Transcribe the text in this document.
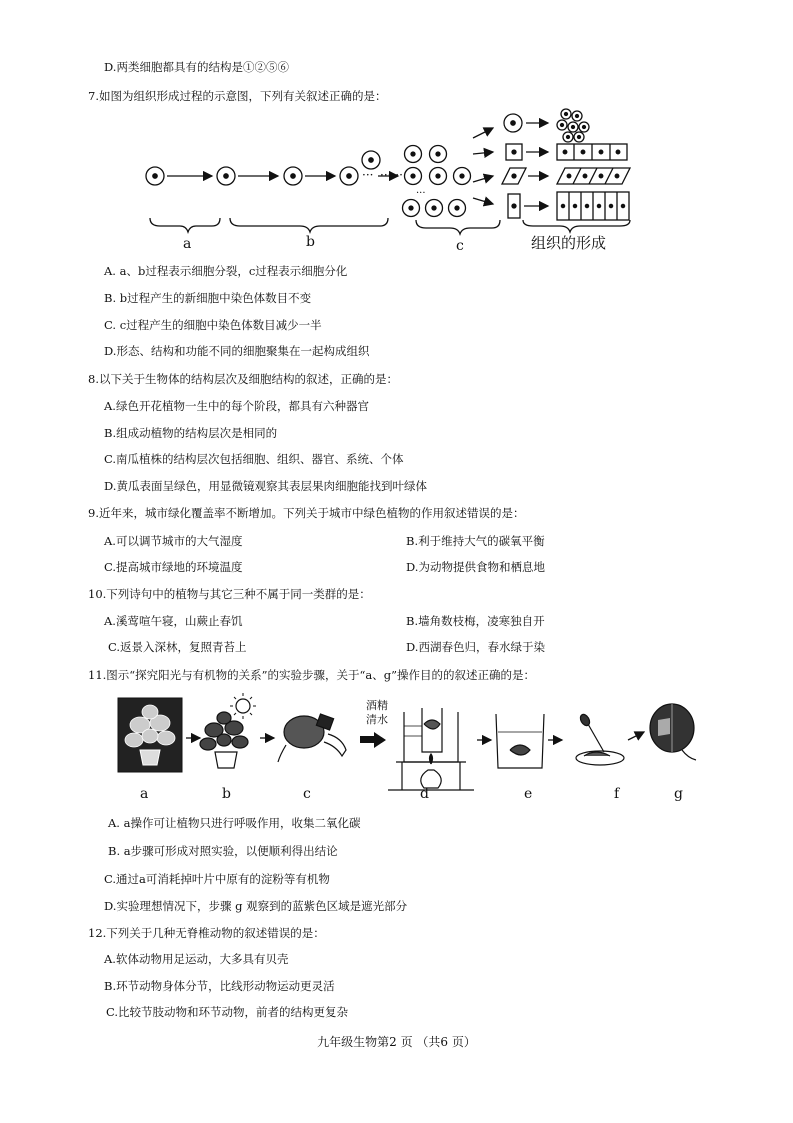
D.两类细胞都具有的结构是①②⑤⑥
7.如图为组织形成过程的示意图，下列有关叙述正确的是：
··· ······
···
a	b	c	组织的形成
A. a、b过程表示细胞分裂，c过程表示细胞分化
B. b过程产生的新细胞中染色体数目不变
C. c过程产生的细胞中染色体数目减少一半
D.形态、结构和功能不同的细胞聚集在一起构成组织
8.以下关于生物体的结构层次及细胞结构的叙述，正确的是：
A.绿色开花植物一生中的每个阶段，都具有六种器官
B.组成动植物的结构层次是相同的
C.南瓜植株的结构层次包括细胞、组织、器官、系统、个体
D.黄瓜表面呈绿色，用显微镜观察其表层果肉细胞能找到叶绿体
9.近年来，城市绿化覆盖率不断增加。下列关于城市中绿色植物的作用叙述错误的是：
A.可以调节城市的大气湿度	B.利于维持大气的碳氧平衡
C.提高城市绿地的环境温度	D.为动物提供食物和栖息地
10.下列诗句中的植物与其它三种不属于同一类群的是：
A.溪莺喧午寝，山蕨止春饥	B.墙角数枝梅，凌寒独自开
C.返景入深林，复照青苔上	D.西湖春色归，春水绿于染
11.图示“探究阳光与有机物的关系”的实验步骤，关于“a、g”操作目的的叙述正确的是：
酒精
清水
a	b	c	d	e	f	g
A. a操作可让植物只进行呼吸作用，收集二氧化碳
B. a步骤可形成对照实验，以便顺利得出结论
C.通过a可消耗掉叶片中原有的淀粉等有机物
D.实验理想情况下，步骤 g 观察到的蓝紫色区域是遮光部分
12.下列关于几种无脊椎动物的叙述错误的是：
A.软体动物用足运动，大多具有贝壳
B.环节动物身体分节，比线形动物运动更灵活
C.比较节肢动物和环节动物，前者的结构更复杂
九年级生物第2 页 （共6 页）
